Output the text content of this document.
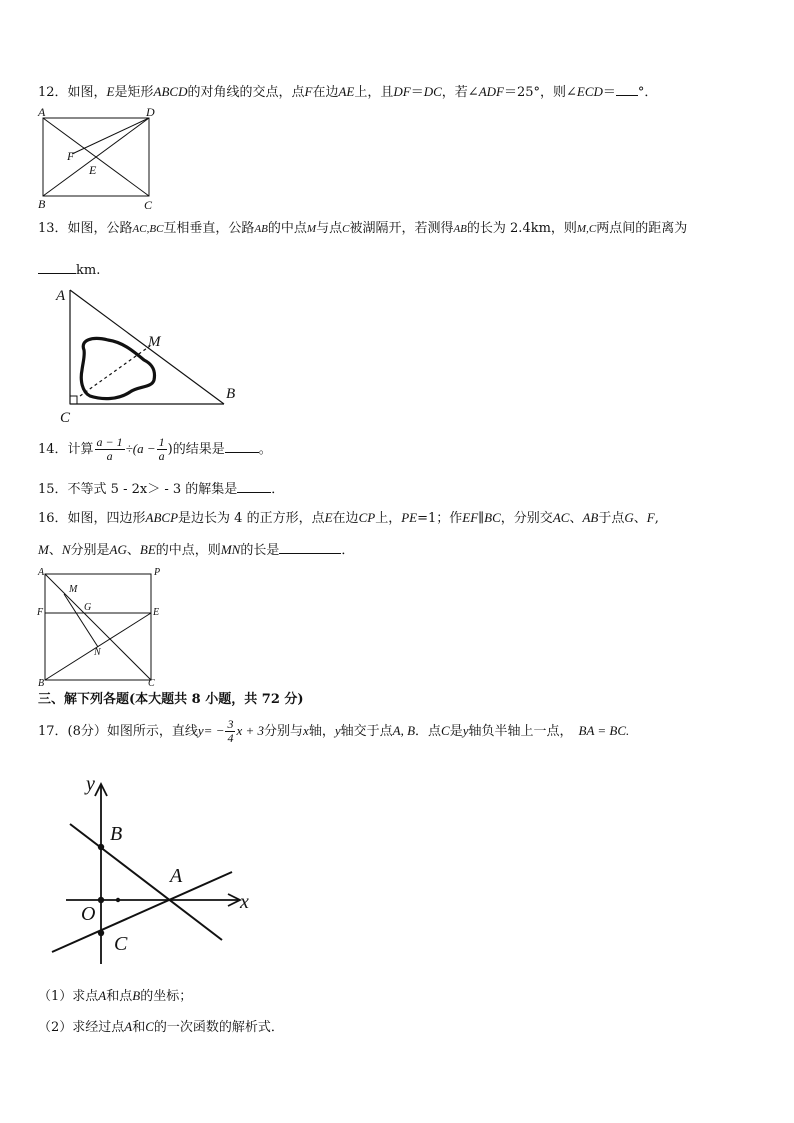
12．如图，E是矩形ABCD的对角线的交点，点F在边AE上，且DF＝DC，若∠ADF＝25°，则∠ECD＝ °．
A	D
B	C
E
F
13．如图，公路AC,BC互相垂直，公路AB的中点M与点C被湖隔开，若测得AB的长为 2.4km，则M,C两点间的距离为
km.
A
M
B
C
14．计算 $\frac{a - 1}{a} \div(a - \frac{1}{a}$ )的结果是	。
15．不等式 5 - 2x＞ - 3 的解集是	．
16．如图，四边形ABCP是边长为 4 的正方形，点E在边CP上，PE=1；作EF∥BC，分别交AC、AB于点G、F,
M、N分别是AG、BE的中点，则MN的长是	．
A	P
F	E
M
G
N
B	C
三、解下列各题(本大题共 8 小题，共 72 分)
17．(8分）如图所示，直线$y= - \frac{3}{4}$ x + 3分别与x轴，y轴交于点A, B．点C是y轴负半轴上一点， BA = BC.
y
x
B
A
O
C
（1）求点A和点B的坐标；
（2）求经过点A和C的一次函数的解析式．
